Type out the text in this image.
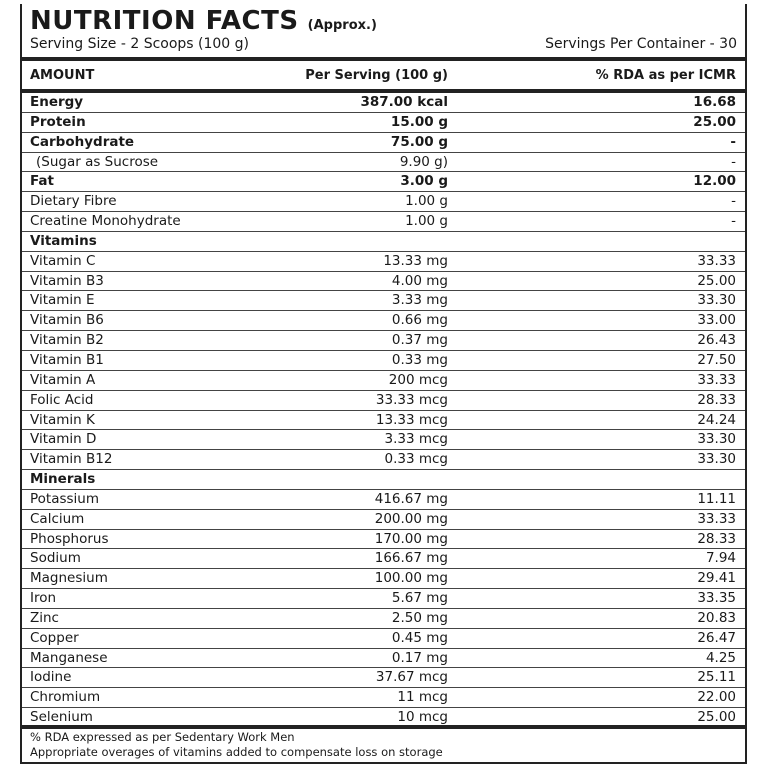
NUTRITION FACTS (Approx.)
Serving Size - 2 Scoops (100 g)	Servings Per Container - 30
AMOUNT	Per Serving (100 g)	% RDA as per ICMR
Energy	387.00 kcal	16.68
Protein	15.00 g	25.00
Carbohydrate	75.00 g	-
(Sugar as Sucrose	9.90 g)	-
Fat	3.00 g	12.00
Dietary Fibre	1.00 g	-
Creatine Monohydrate	1.00 g	-
Vitamins
Vitamin C	13.33 mg	33.33
Vitamin B3	4.00 mg	25.00
Vitamin E	3.33 mg	33.30
Vitamin B6	0.66 mg	33.00
Vitamin B2	0.37 mg	26.43
Vitamin B1	0.33 mg	27.50
Vitamin A	200 mcg	33.33
Folic Acid	33.33 mcg	28.33
Vitamin K	13.33 mcg	24.24
Vitamin D	3.33 mcg	33.30
Vitamin B12	0.33 mcg	33.30
Minerals
Potassium	416.67 mg	11.11
Calcium	200.00 mg	33.33
Phosphorus	170.00 mg	28.33
Sodium	166.67 mg	7.94
Magnesium	100.00 mg	29.41
Iron	5.67 mg	33.35
Zinc	2.50 mg	20.83
Copper	0.45 mg	26.47
Manganese	0.17 mg	4.25
Iodine	37.67 mcg	25.11
Chromium	11 mcg	22.00
Selenium	10 mcg	25.00
% RDA expressed as per Sedentary Work Men
Appropriate overages of vitamins added to compensate loss on storage
